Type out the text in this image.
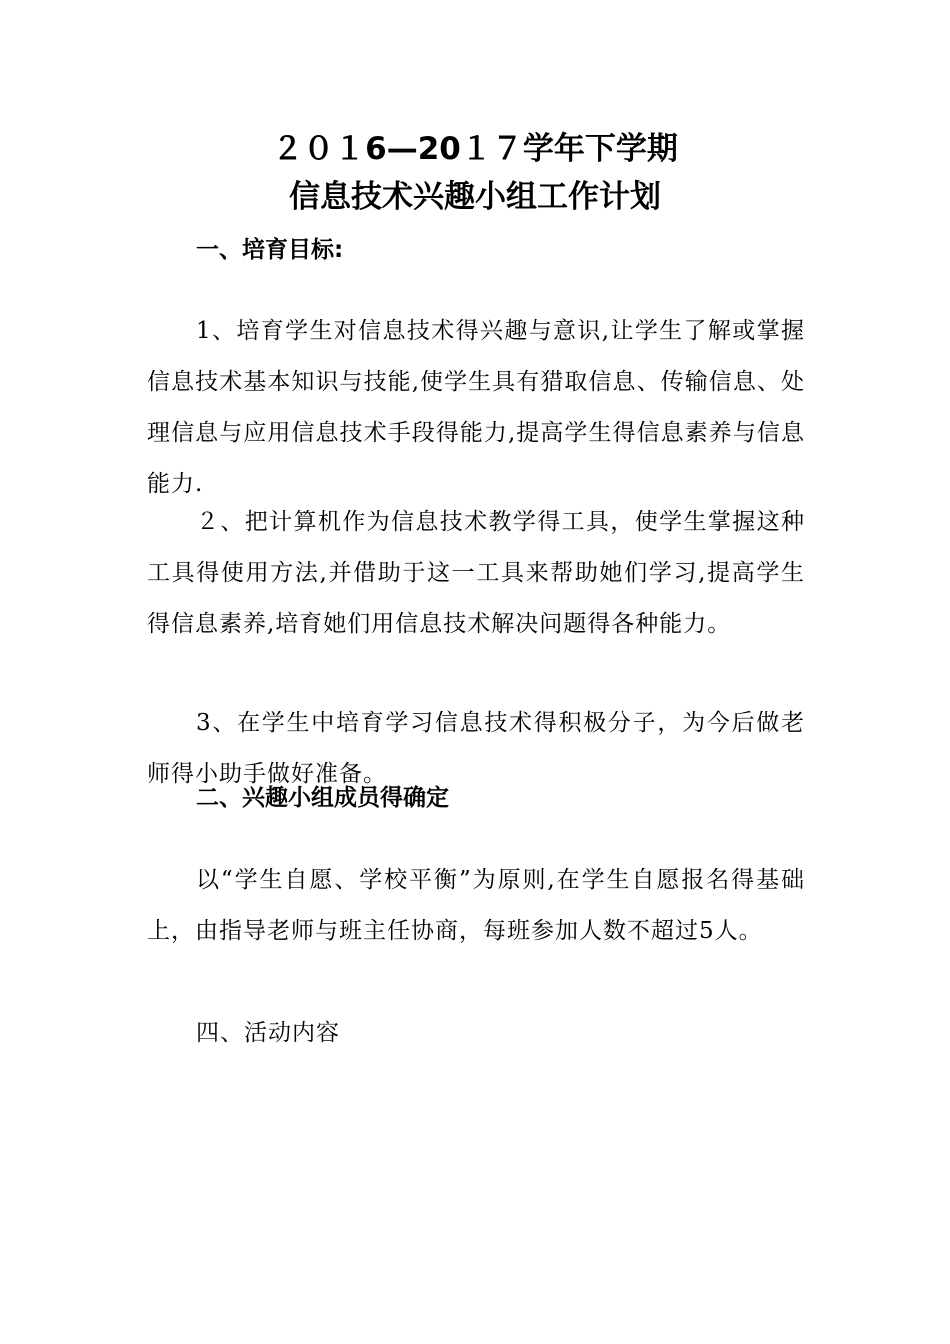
２０１6—20１７学年下学期
信息技术兴趣小组工作计划
一、培育目标:

1、培育学生对信息技术得兴趣与意识,让学生了解或掌握信息技术基本知识与技能,使学生具有猎取信息、传输信息、处理信息与应用信息技术手段得能力,提高学生得信息素养与信息能力.

２、把计算机作为信息技术教学得工具，使学生掌握这种工具得使用方法,并借助于这一工具来帮助她们学习,提高学生得信息素养,培育她们用信息技术解决问题得各种能力。

3、在学生中培育学习信息技术得积极分子，为今后做老师得小助手做好准备。

二、兴趣小组成员得确定

以“学生自愿、学校平衡”为原则,在学生自愿报名得基础上，由指导老师与班主任协商，每班参加人数不超过5人。

四、活动内容
